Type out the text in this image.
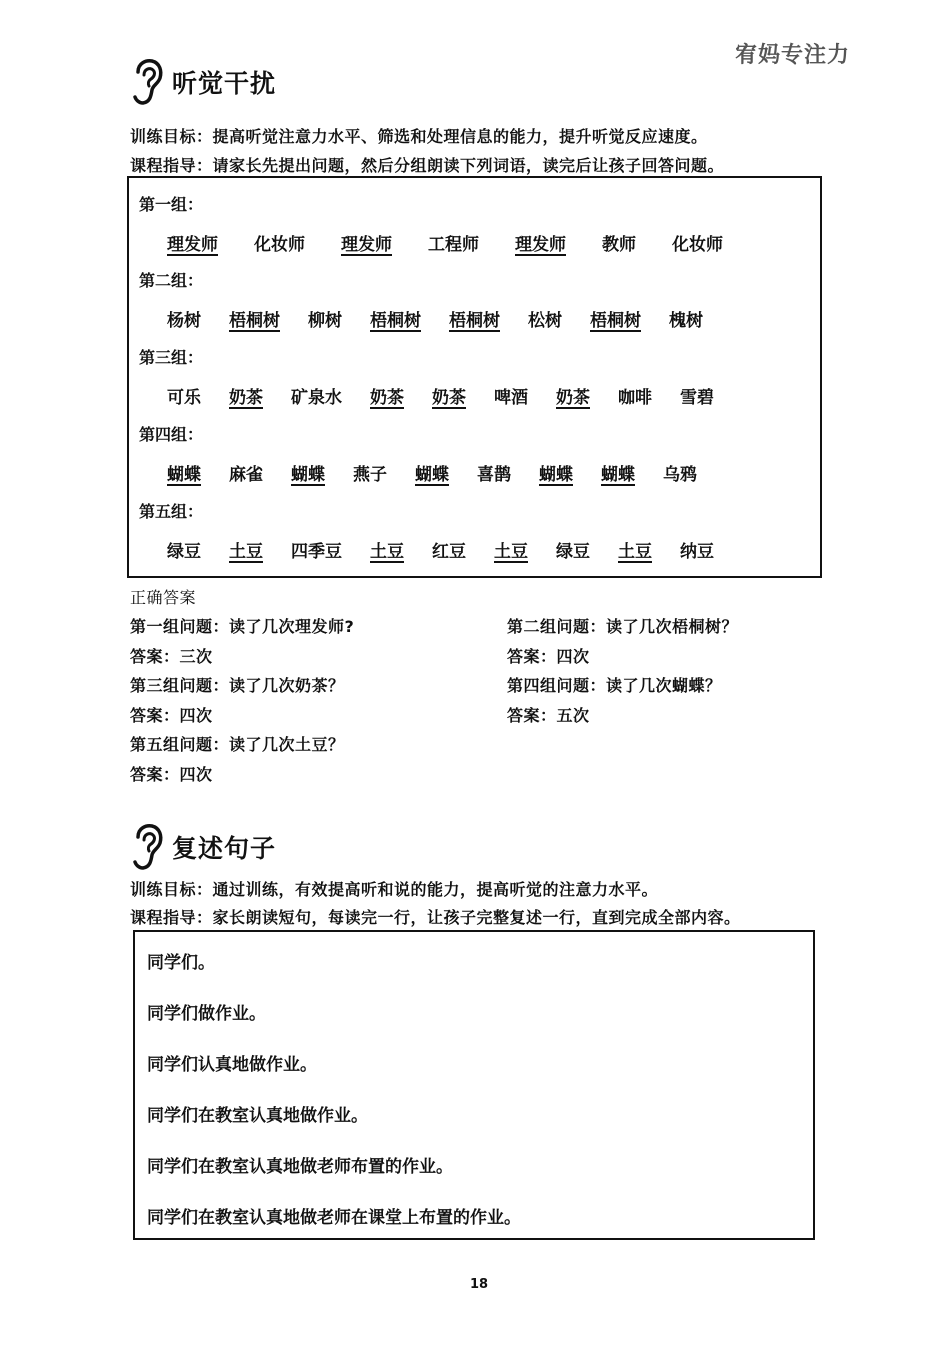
宥妈专注力
听觉干扰
训练目标：提高听觉注意力水平、筛选和处理信息的能力，提升听觉反应速度。
课程指导：请家长先提出问题，然后分组朗读下列词语，读完后让孩子回答问题。
第一组：
理发师 化妆师 理发师 工程师 理发师 教师 化妆师
第二组：
杨树 梧桐树 柳树 梧桐树 梧桐树 松树 梧桐树 槐树
第三组：
可乐 奶茶 矿泉水 奶茶 奶茶 啤酒 奶茶 咖啡 雪碧
第四组：
蝴蝶 麻雀 蝴蝶 燕子 蝴蝶 喜鹊 蝴蝶 蝴蝶 乌鸦
第五组：
绿豆 土豆 四季豆 土豆 红豆 土豆 绿豆 土豆 纳豆
正确答案
第一组问题：读了几次理发师?
答案：三次
第三组问题：读了几次奶茶？
答案：四次
第五组问题：读了几次土豆？
答案：四次
第二组问题：读了几次梧桐树？
答案：四次
第四组问题：读了几次蝴蝶？
答案：五次
复述句子
训练目标：通过训练，有效提高听和说的能力，提高听觉的注意力水平。
课程指导：家长朗读短句，每读完一行，让孩子完整复述一行，直到完成全部内容。
同学们。
同学们做作业。
同学们认真地做作业。
同学们在教室认真地做作业。
同学们在教室认真地做老师布置的作业。
同学们在教室认真地做老师在课堂上布置的作业。
18
